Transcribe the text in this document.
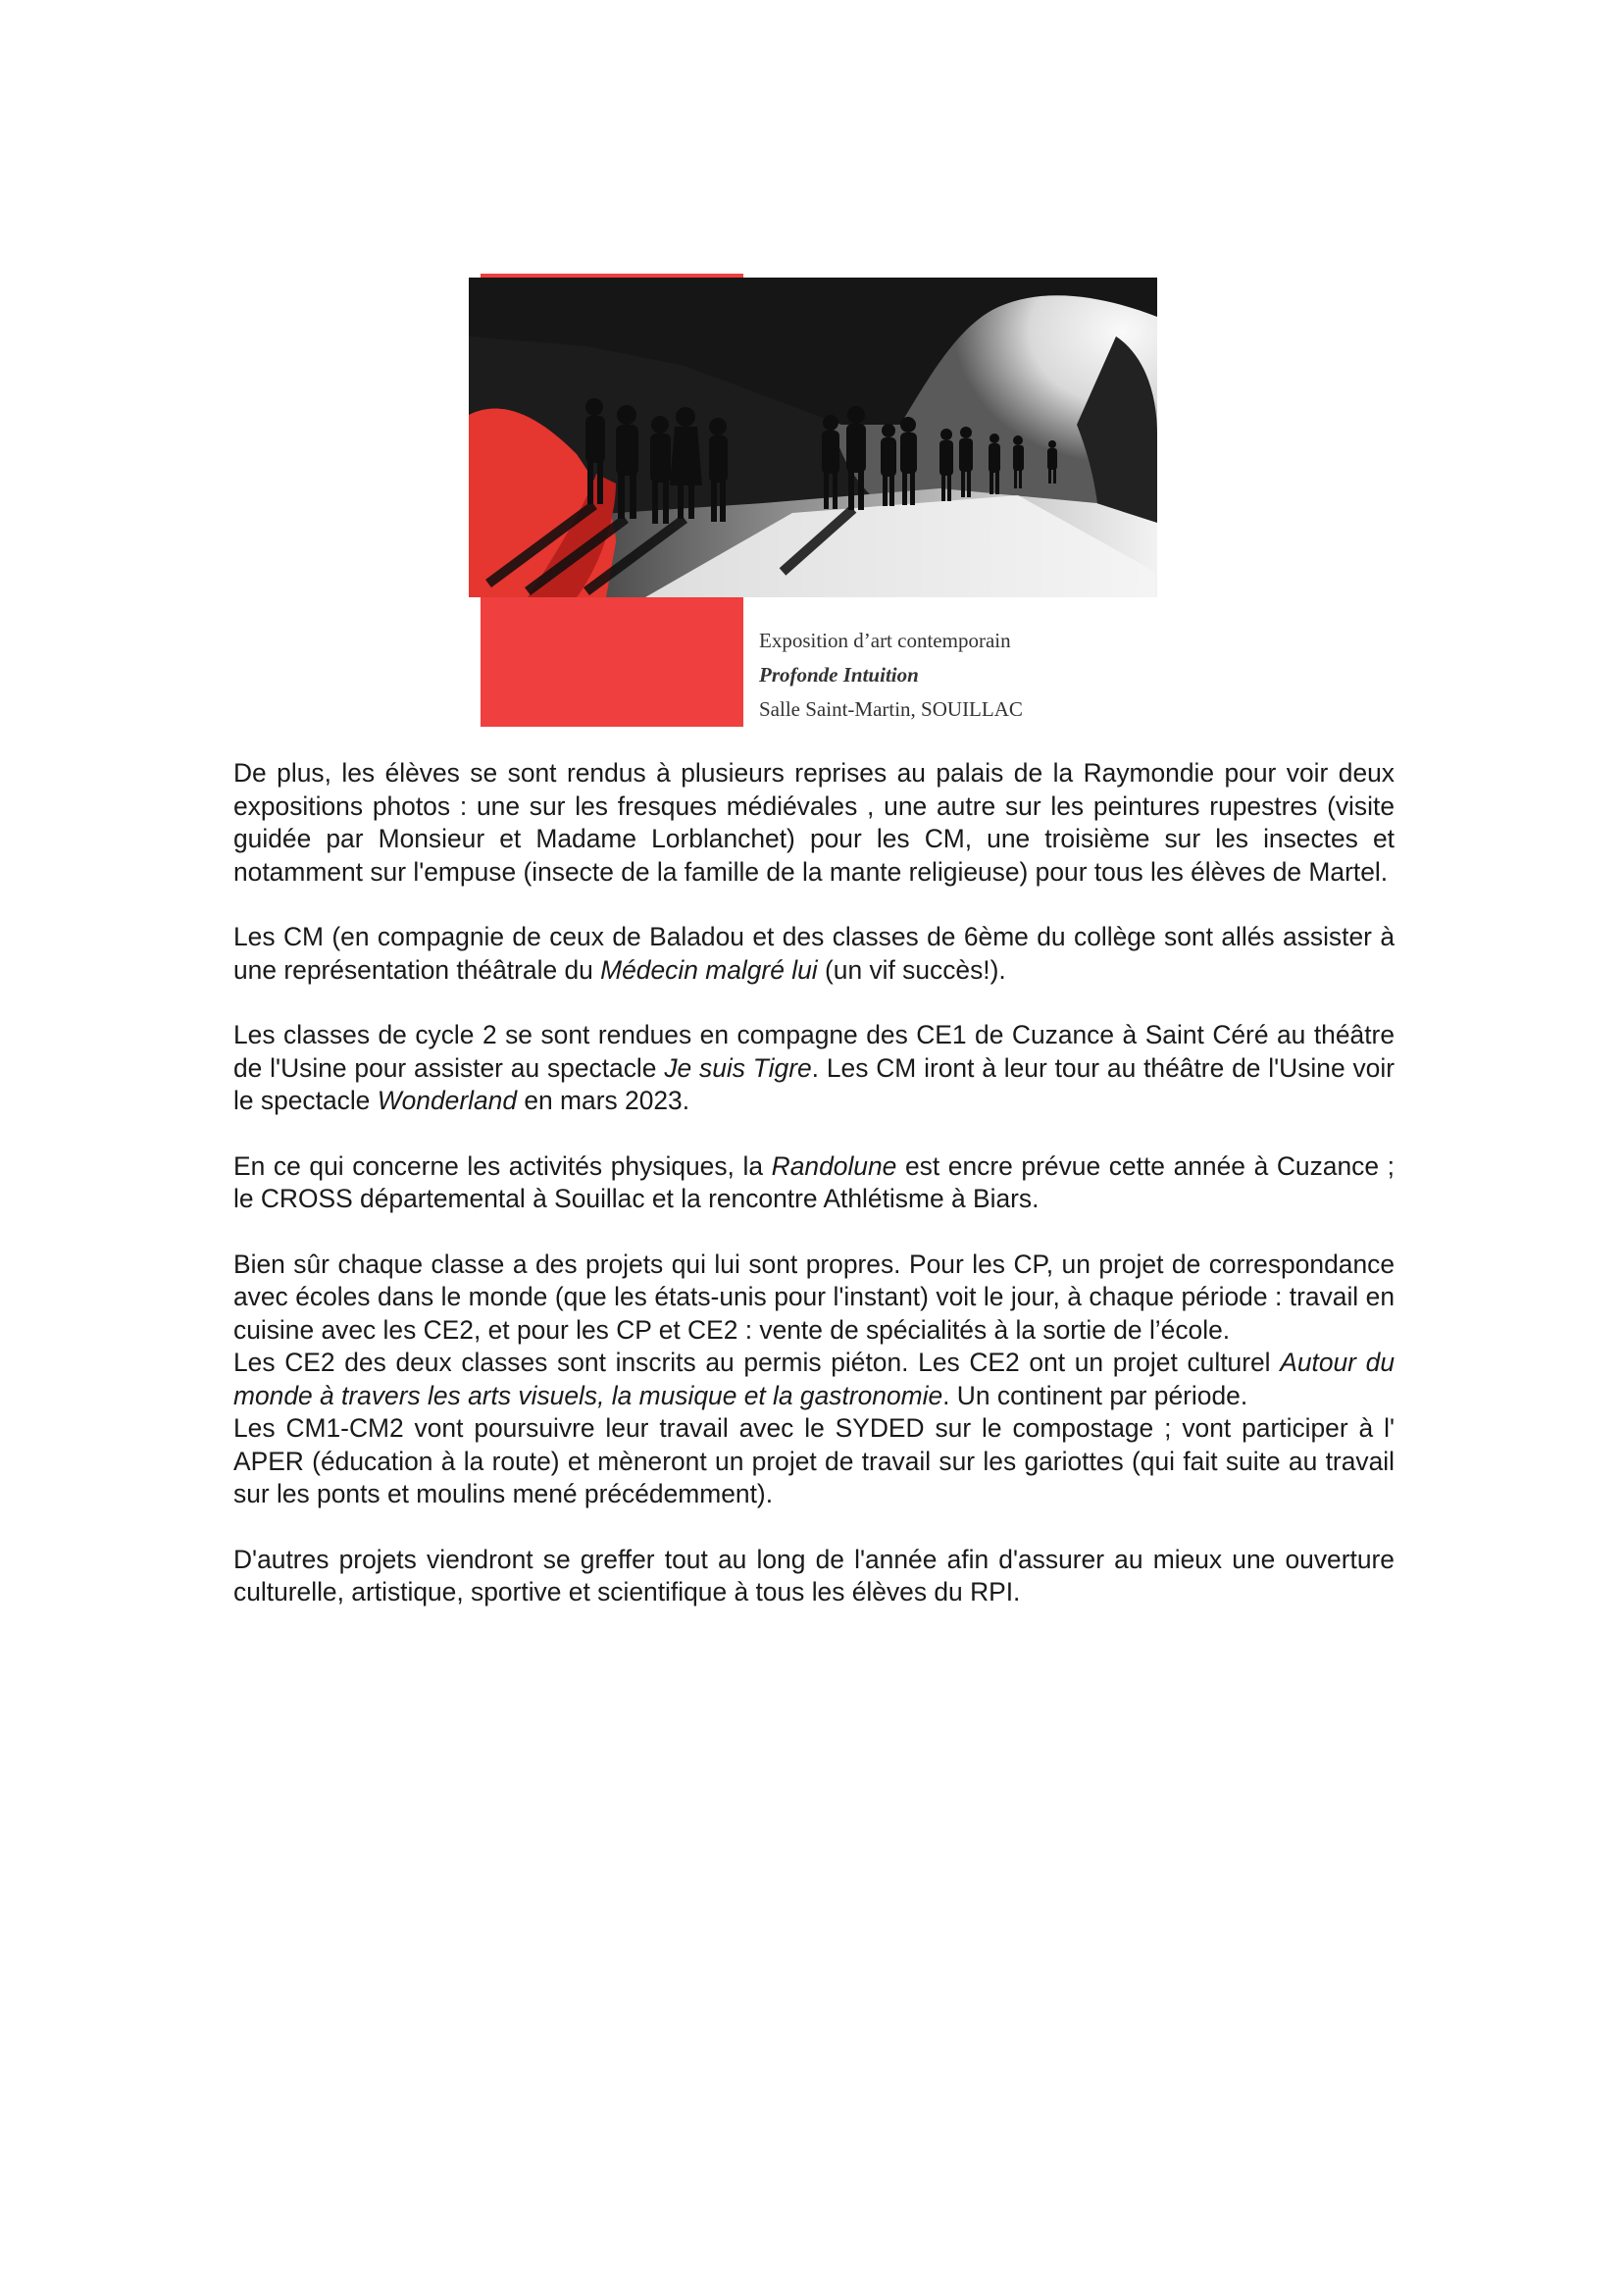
Exposition d’art contemporain
Profonde Intuition
Salle Saint-Martin, SOUILLAC

De plus, les élèves se sont rendus à plusieurs reprises au palais de la Raymondie pour voir deux expositions photos : une sur les fresques médiévales , une autre sur les peintures rupestres (visite guidée par Monsieur et Madame Lorblanchet) pour les CM, une troisième sur les insectes et notamment sur l'empuse (insecte de la famille de la mante religieuse) pour tous les élèves de Martel.

Les CM (en compagnie de ceux de Baladou et des classes de 6ème du collège sont allés assister à une représentation théâtrale du Médecin malgré lui (un vif succès!).

Les classes de cycle 2 se sont rendues en compagne des CE1 de Cuzance à Saint Céré au théâtre de l'Usine pour assister au spectacle Je suis Tigre. Les CM iront à leur tour au théâtre de l'Usine voir le spectacle Wonderland en mars 2023.

En ce qui concerne les activités physiques, la Randolune est encre prévue cette année à Cuzance ; le CROSS départemental à Souillac et la rencontre Athlétisme à Biars.

Bien sûr chaque classe a des projets qui lui sont propres. Pour les CP, un projet de correspondance avec écoles dans le monde (que les états-unis pour l'instant) voit le jour, à chaque période : travail en cuisine avec les CE2, et pour les CP et CE2 : vente de spécialités à la sortie de l’école.

Les CE2 des deux classes sont inscrits au permis piéton. Les CE2 ont un projet culturel Autour du monde à travers les arts visuels, la musique et la gastronomie. Un continent par période.

Les CM1-CM2 vont poursuivre leur travail avec le SYDED sur le compostage ; vont participer à l' APER (éducation à la route) et mèneront un projet de travail sur les gariottes (qui fait suite au travail sur les ponts et moulins mené précédemment).

D'autres projets viendront se greffer tout au long de l'année afin d'assurer au mieux une ouverture culturelle, artistique, sportive et scientifique à tous les élèves du RPI.
